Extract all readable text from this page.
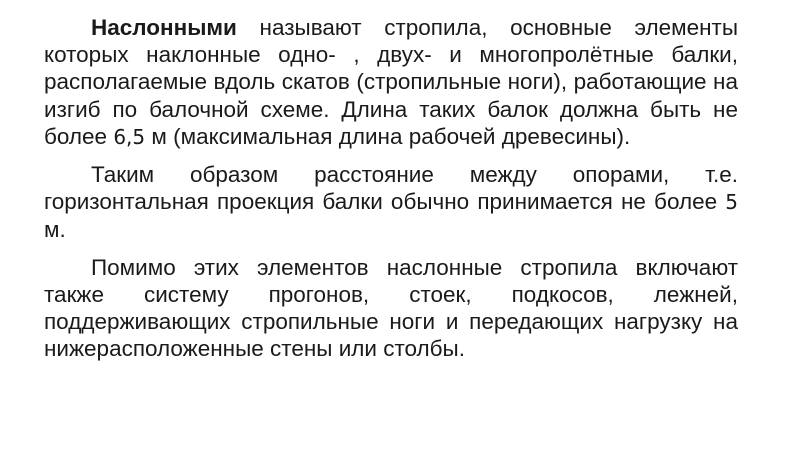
Наслонными называют стропила, основные элементы которых наклонные одно- , двух- и многопролётные балки, располагаемые вдоль скатов (стропильные ноги), работающие на изгиб по балочной схеме. Длина таких балок должна быть не более 6,5 м (максимальная длина рабочей древесины).

Таким образом расстояние между опорами, т.е. горизонтальная проекция балки обычно принимается не более 5 м.

Помимо этих элементов наслонные стропила включают также систему прогонов, стоек, подкосов, лежней, поддерживающих стропильные ноги и передающих нагрузку на нижерасположенные стены или столбы.
